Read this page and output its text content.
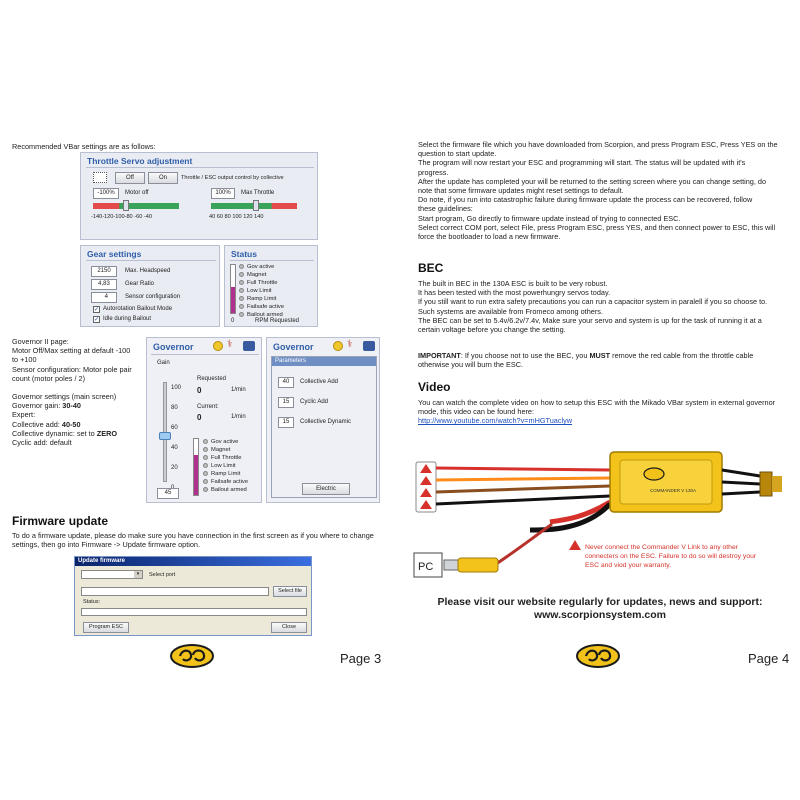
Recommended VBar settings are as follows:
Throttle Servo adjustment
Off	On	Throttle / ESC output control by collective
-100%	Motor off	100%	Max Throttle
-140-120-100-80 -60 -40	40 60 80 100 120 140
Gear settings
2150	Max. Headspeed
4,83	Gear Ratio
4	Sensor configuration
✓ Autorotation Bailout Mode
✓ Idle during Bailout
Status
Gov active
Magnet
Full Throttle
Low Limit
Ramp Limit
Failsafe active
Bailout armed
0	RPM Requested
Governor II page:
Motor Off/Max setting at default -100
to +100
Sensor configuration: Motor pole pair
count (motor poles / 2)
Governor settings (main screen)
Governor gain: 30-40
Expert:
Collective add: 40-50
Collective dynamic: set to ZERO
Cyclic add: default
Governor	⚕
Gain
100
80
60
40
20
45
Requested
0	1/min
Current:
0	1/min
Gov active
Magnet
Full Throttle
Low Limit
Ramp Limit
Failsafe active
Bailout armed
Governor	⚕
Parameters
40	Collective Add
15	Cyclic Add
15	Collective Dynamic
Electric
Firmware update
To do a firmware update, please do make sure you have connection in the first screen as if you where to change settings, then go into Firmware -> Update firmware option.
Update firmware
▾	Select port
Select file
Status:
Program ESC	Close
Page 3
Select the firmware file which you have downloaded from Scorpion, and press Program ESC, Press YES on the
question to start update.
The program will now restart your ESC and programming will start. The status will be updated with it's
progress.
After the update has completed your will be returned to the setting screen where you can change setting, do
note that some firmware updates might reset settings to default.
Do note, if you run into catastrophic failure during firmware update the process can be recovered, follow
these guidelines:
Start program, Go directly to firmware update instead of trying to connected ESC.
Select correct COM port, select File, press Program ESC, press YES, and then connect power to ESC, this will
force the bootloader to load a new firmware.
BEC
The built in BEC in the 130A ESC is built to be very robust.
It has been tested with the most powerhungry servos today.
If you still want to run extra safety precautions you can run a capacitor system in paralell if you so choose to.
Such systems are available from Fromeco among others.
The BEC can be set to 5.4v/6.2v/7.4v, Make sure your servo and system is up for the task of running it at a
certain voltage before you change the setting.
IMPORTANT: If you choose not to use the BEC, you MUST remove the red cable from the throttle cable
otherwise you will burn the ESC.
Video
You can watch the complete video on how to setup this ESC with the Mikado VBar system in external governor
mode, this video can be found here:
http://www.youtube.com/watch?v=mHGTuaclyw
COMMANDER V 130A
PC
Never connect the Commander V Link to any other
connecters on the ESC. Failure to do so will destroy your
ESC and viod your warranty.
Please visit our website regularly for updates, news and support:
www.scorpionsystem.com
Page 4
